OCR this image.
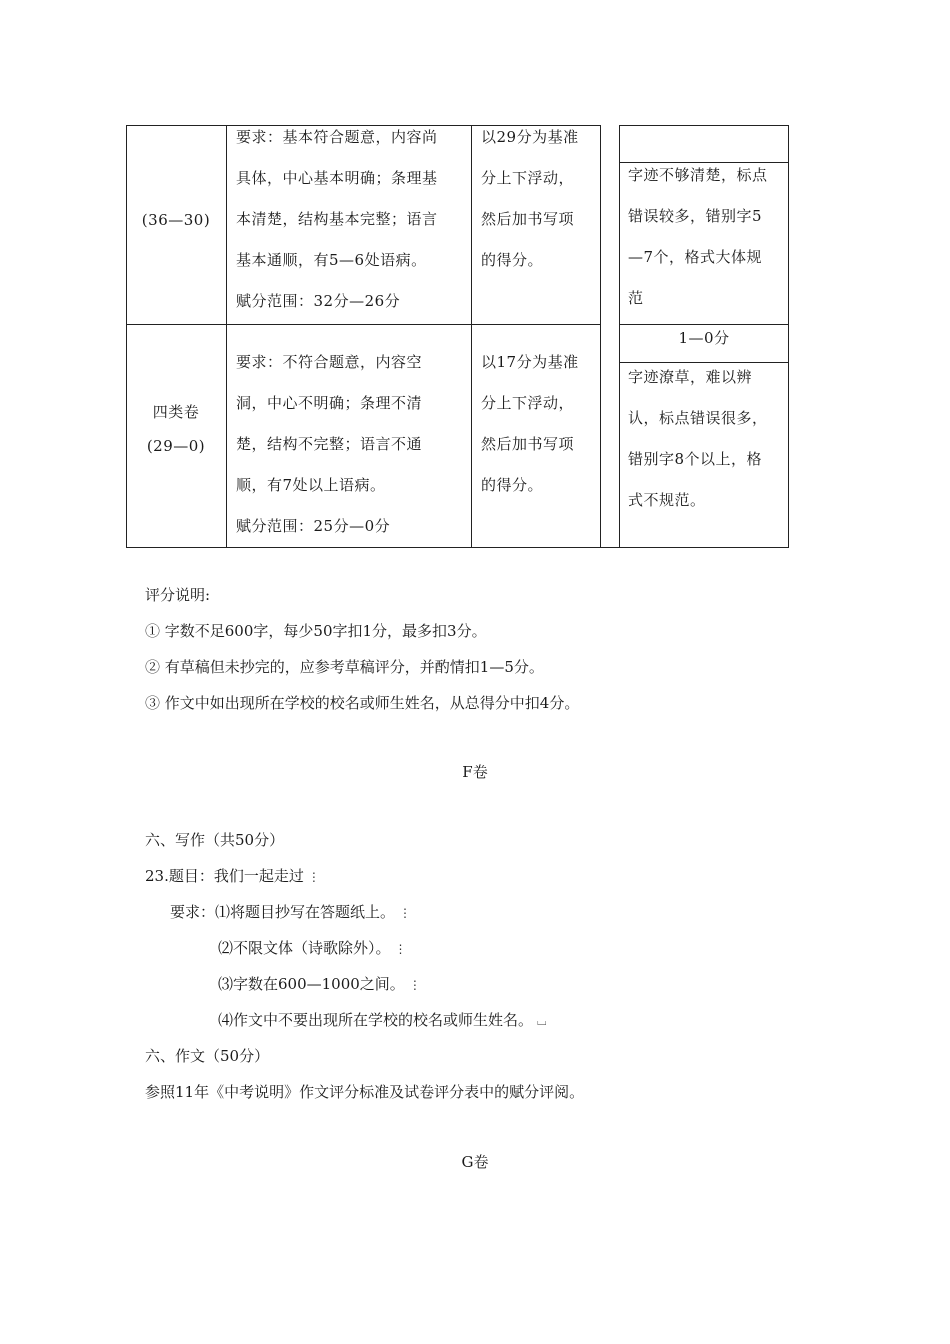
(36—30)
要求：基本符合题意，内容尚
具体，中心基本明确；条理基
本清楚，结构基本完整；语言
基本通顺，有5—6处语病。
赋分范围：32分—26分
以29分为基准
分上下浮动，
然后加书写项
的得分。
字迹不够清楚，标点
错误较多，错别字5
—7个，格式大体规
范
四类卷
(29—0)
1—0分
要求：不符合题意，内容空
洞，中心不明确；条理不清
楚，结构不完整；语言不通
顺，有7处以上语病。
赋分范围：25分—0分
以17分为基准
分上下浮动，
然后加书写项
的得分。
字迹潦草，难以辨
认，标点错误很多，
错别字8个以上，格
式不规范。
评分说明:
① 字数不足600字，每少50字扣1分，最多扣3分。
② 有草稿但未抄完的，应参考草稿评分，并酌情扣1—5分。
③ 作文中如出现所在学校的校名或师生姓名，从总得分中扣4分。
F卷
六、写作（共50分）
23.题目：我们一起走过 ⋮
要求：⑴将题目抄写在答题纸上。 ⋮
⑵不限文体（诗歌除外）。 ⋮
⑶字数在600—1000之间。 ⋮
⑷作文中不要出现所在学校的校名或师生姓名。 ⌴
六、作文（50分）
参照11年《中考说明》作文评分标准及试卷评分表中的赋分评阅。
G卷
